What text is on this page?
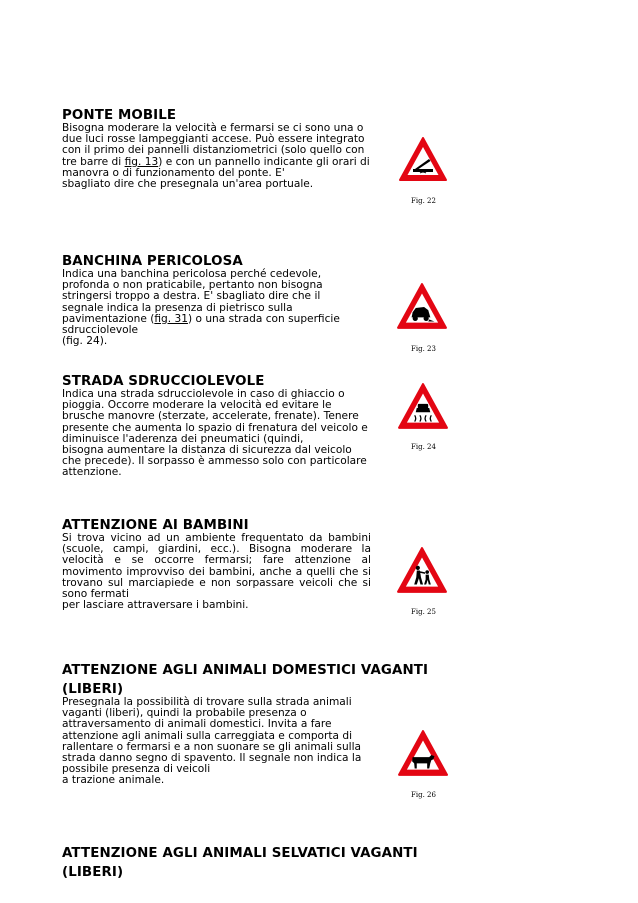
PONTE MOBILE
Bisogna moderare la velocità e fermarsi se ci sono una o
due luci rosse lampeggianti accese. Può essere integrato
con il primo dei pannelli distanziometrici (solo quello con
tre barre di fig. 13) e con un pannello indicante gli orari di
manovra o di funzionamento del ponte. E'
sbagliato dire che presegnala un'area portuale.
Fig. 22
BANCHINA PERICOLOSA
Indica una banchina pericolosa perché cedevole,
profonda o non praticabile, pertanto non bisogna
stringersi troppo a destra. E' sbagliato dire che il
segnale indica la presenza di pietrisco sulla
pavimentazione (fig. 31) o una strada con superficie
sdrucciolevole
(fig. 24).
Fig. 23
STRADA SDRUCCIOLEVOLE
Indica una strada sdrucciolevole in caso di ghiaccio o
pioggia. Occorre moderare la velocità ed evitare le
brusche manovre (sterzate, accelerate, frenate). Tenere
presente che aumenta lo spazio di frenatura del veicolo e
diminuisce l'aderenza dei pneumatici (quindi,
bisogna aumentare la distanza di sicurezza dal veicolo
che precede). Il sorpasso è ammesso solo con particolare
attenzione.
Fig. 24
ATTENZIONE AI BAMBINI
Si trova vicino ad un ambiente frequentato da bambini (scuole, campi, giardini, ecc.). Bisogna moderare la velocità e se occorre fermarsi; fare attenzione al movimento improvviso dei bambini, anche a quelli che si trovano sul marciapiede e non sorpassare veicoli che si sono fermati
per lasciare attraversare i bambini.
Fig. 25
ATTENZIONE AGLI ANIMALI DOMESTICI VAGANTI
(LIBERI)
Presegnala la possibilità di trovare sulla strada animali
vaganti (liberi), quindi la probabile presenza o
attraversamento di animali domestici. Invita a fare
attenzione agli animali sulla carreggiata e comporta di
rallentare o fermarsi e a non suonare se gli animali sulla
strada danno segno di spavento. Il segnale non indica la
possibile presenza di veicoli
a trazione animale.
Fig. 26
ATTENZIONE AGLI ANIMALI SELVATICI VAGANTI
(LIBERI)
